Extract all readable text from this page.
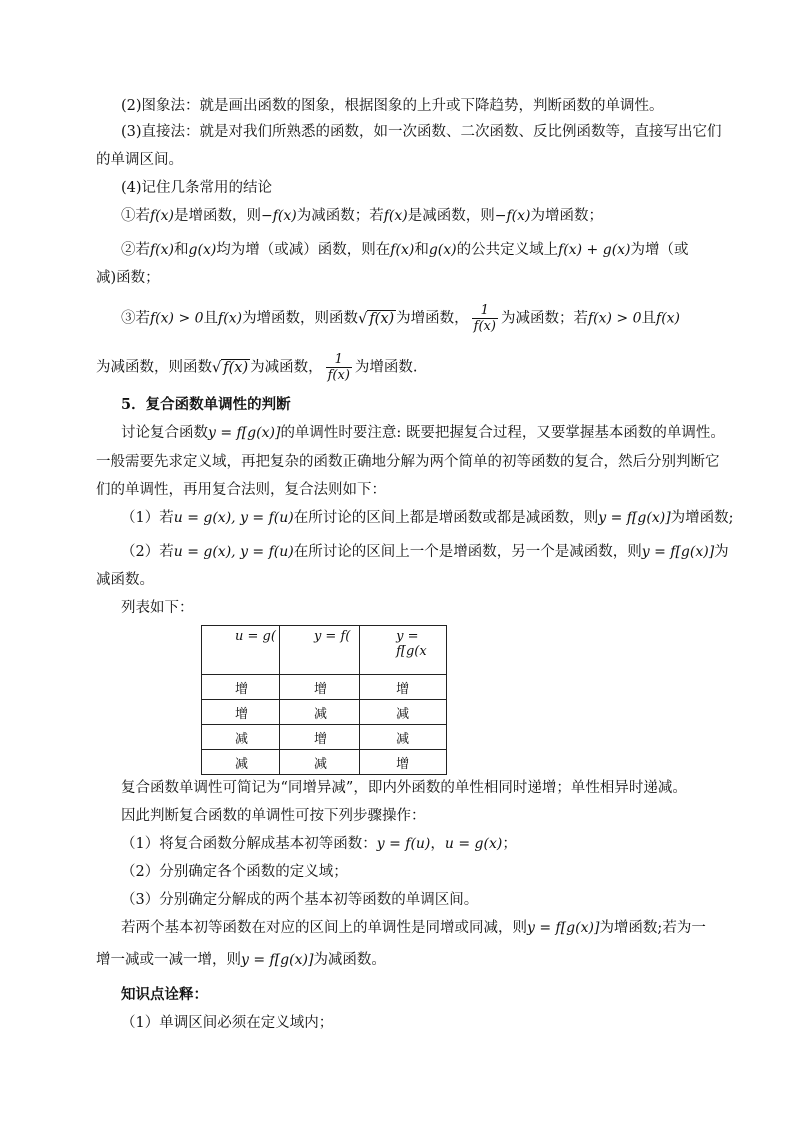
(2)图象法：就是画出函数的图象，根据图象的上升或下降趋势，判断函数的单调性。
(3)直接法：就是对我们所熟悉的函数，如一次函数、二次函数、反比例函数等，直接写出它们
的单调区间。
(4)记住几条常用的结论
①若f(x)是增函数，则−f(x)为减函数；若f(x)是减函数，则−f(x)为增函数；
②若f(x)和g(x)均为增（或减）函数，则在f(x)和g(x)的公共定义域上f(x) + g(x)为增（或
减)函数；
③若f(x) > 0且f(x)为增函数，则函数√ f(x) 为增函数， $\frac{1}{f(x)}$ 为减函数；若f(x) > 0且f(x)
为减函数，则函数√ f(x) 为减函数， $\frac{1}{f(x)}$ 为增函数.
5．复合函数单调性的判断
讨论复合函数y = f[g(x)]的单调性时要注意: 既要把握复合过程，又要掌握基本函数的单调性。
一般需要先求定义域，再把复杂的函数正确地分解为两个简单的初等函数的复合，然后分别判断它
们的单调性，再用复合法则，复合法则如下：
（1）若u = g(x), y = f(u)在所讨论的区间上都是增函数或都是减函数，则y = f[g(x)]为增函数;
（2）若u = g(x), y = f(u)在所讨论的区间上一个是增函数，另一个是减函数，则y = f[g(x)]为
减函数。
列表如下：
u = g(	y = f(	y = f[g(x
增	增	增
增	减	减
减	增	减
减	减	增
复合函数单调性可简记为“同增异减”，即内外函数的单性相同时递增；单性相异时递减。
因此判断复合函数的单调性可按下列步骤操作：
（1）将复合函数分解成基本初等函数：y = f(u)，u = g(x)；
（2）分别确定各个函数的定义域；
（3）分别确定分解成的两个基本初等函数的单调区间。
若两个基本初等函数在对应的区间上的单调性是同增或同减，则y = f[g(x)]为增函数;若为一
增一减或一减一增，则y = f[g(x)]为减函数。
知识点诠释：
（1）单调区间必须在定义域内；
